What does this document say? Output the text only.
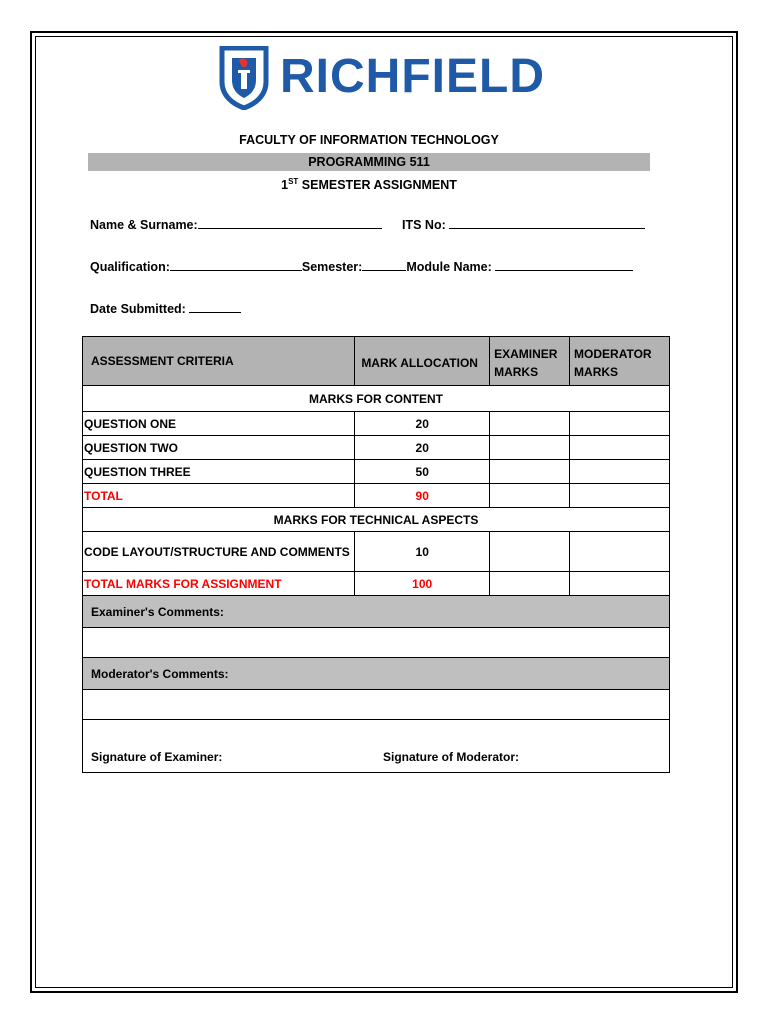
RICHFIELD
FACULTY OF INFORMATION TECHNOLOGY
PROGRAMMING 511
1ST SEMESTER ASSIGNMENT
Name & Surname:	ITS No:
Qualification:	Semester:	Module Name:
Date Submitted:
ASSESSMENT CRITERIA	MARK ALLOCATION	EXAMINER MARKS	MODERATOR MARKS
MARKS FOR CONTENT			
QUESTION ONE	20		
QUESTION TWO	20		
QUESTION THREE	50		
TOTAL	90		
MARKS FOR TECHNICAL ASPECTS			
CODE LAYOUT/STRUCTURE AND COMMENTS	10		
TOTAL MARKS FOR ASSIGNMENT	100		
Examiner's Comments:			

Moderator's Comments:			

Signature of Examiner: Signature of Moderator:			
